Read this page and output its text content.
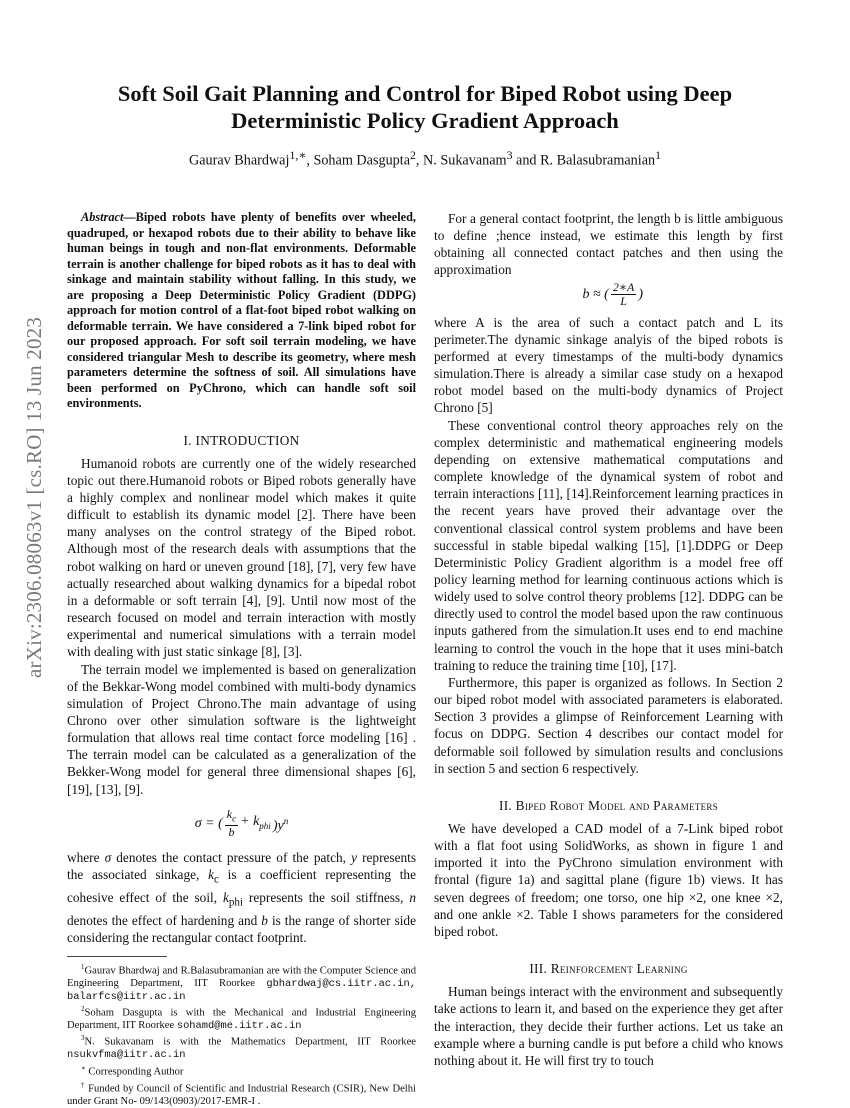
arXiv:2306.08063v1 [cs.RO] 13 Jun 2023
Soft Soil Gait Planning and Control for Biped Robot using Deep Deterministic Policy Gradient Approach
Gaurav Bhardwaj$^{1,∗}$, Soham Dasgupta$^2$, N. Sukavanam$^3$ and R. Balasubramanian$^1$

Abstract—Biped robots have plenty of benefits over wheeled, quadruped, or hexapod robots due to their ability to behave like human beings in tough and non-flat environments. Deformable terrain is another challenge for biped robots as it has to deal with sinkage and maintain stability without falling. In this study, we are proposing a Deep Deterministic Policy Gradient (DDPG) approach for motion control of a flat-foot biped robot walking on deformable terrain. We have considered a 7-link biped robot for our proposed approach. For soft soil terrain modeling, we have considered triangular Mesh to describe its geometry, where mesh parameters determine the softness of soil. All simulations have been performed on PyChrono, which can handle soft soil environments.

I. INTRODUCTION

Humanoid robots are currently one of the widely researched topic out there.Humanoid robots or Biped robots generally have a highly complex and nonlinear model which makes it quite difficult to establish its dynamic model [2]. There have been many analyses on the control strategy of the Biped robot. Although most of the research deals with assumptions that the robot walking on hard or uneven ground [18], [7], very few have actually researched about walking dynamics for a bipedal robot in a deformable or soft terrain [4], [9]. Until now most of the research focused on model and terrain interaction with mostly experimental and numerical simulations with a terrain model with dealing with just static sinkage [8], [3].

The terrain model we implemented is based on generalization of the Bekkar-Wong model combined with multi-body dynamics simulation of Project Chrono.The main advantage of using Chrono over other simulation software is the lightweight formulation that allows real time contact force modeling [16] . The terrain model can be calculated as a generalization of the Bekker-Wong model for general three dimensional shapes [6], [19], [13], [9].

σ = ( $\frac{k_c}{b} + k_{phi}$ )$y^n$

where σ denotes the contact pressure of the patch, y represents the associated sinkage, $k_c$ is a coefficient representing the cohesive effect of the soil, $k_{phi}$ represents the soil stiffness, n denotes the effect of hardening and b is the range of shorter side considering the rectangular contact footprint.

$^1$Gaurav Bhardwaj and R.Balasubramanian are with the Computer Science and Engineering Department, IIT Roorkee gbhardwaj@cs.iitr.ac.in, balarfcs@iitr.ac.in

$^2$Soham Dasgupta is with the Mechanical and Industrial Engineering Department, IIT Roorkee sohamd@me.iitr.ac.in

$^3$N. Sukavanam is with the Mathematics Department, IIT Roorkee nsukvfma@iitr.ac.in

∗ Corresponding Author

† Funded by Council of Scientific and Industrial Research (CSIR), New Delhi under Grant No- 09/143(0903)/2017-EMR-I .

For a general contact footprint, the length b is little ambiguous to define ;hence instead, we estimate this length by first obtaining all connected contact patches and then using the approximation

b ≈ ( $\frac{2∗A}{L}$ )

where A is the area of such a contact patch and L its perimeter.The dynamic sinkage analyis of the biped robots is performed at every timestamps of the multi-body dynamics simulation.There is already a similar case study on a hexapod robot model based on the multi-body dynamics of Project Chrono [5]

These conventional control theory approaches rely on the complex deterministic and mathematical engineering models depending on extensive mathematical computations and complete knowledge of the dynamical system of robot and terrain interactions [11], [14].Reinforcement learning practices in the recent years have proved their advantage over the conventional classical control system problems and have been successful in stable bipedal walking [15], [1].DDPG or Deep Deterministic Policy Gradient algorithm is a model free off policy learning method for learning continuous actions which is widely used to solve control theory problems [12]. DDPG can be directly used to control the model based upon the raw continuous inputs gathered from the simulation.It uses end to end machine learning to control the vouch in the hope that it uses mini-batch training to reduce the training time [10], [17].

Furthermore, this paper is organized as follows. In Section 2 our biped robot model with associated parameters is elaborated. Section 3 provides a glimpse of Reinforcement Learning with focus on DDPG. Section 4 describes our contact model for deformable soil followed by simulation results and conclusions in section 5 and section 6 respectively.

II. Biped Robot Model and Parameters

We have developed a CAD model of a 7-Link biped robot with a flat foot using SolidWorks, as shown in figure 1 and imported it into the PyChrono simulation environment with frontal (figure 1a) and sagittal plane (figure 1b) views. It has seven degrees of freedom; one torso, one hip ×2, one knee ×2, and one ankle ×2. Table I shows parameters for the considered biped robot.

III. Reinforcement Learning

Human beings interact with the environment and subsequently take actions to learn it, and based on the experience they get after the interaction, they decide their further actions. Let us take an example where a burning candle is put before a child who knows nothing about it. He will first try to touch
